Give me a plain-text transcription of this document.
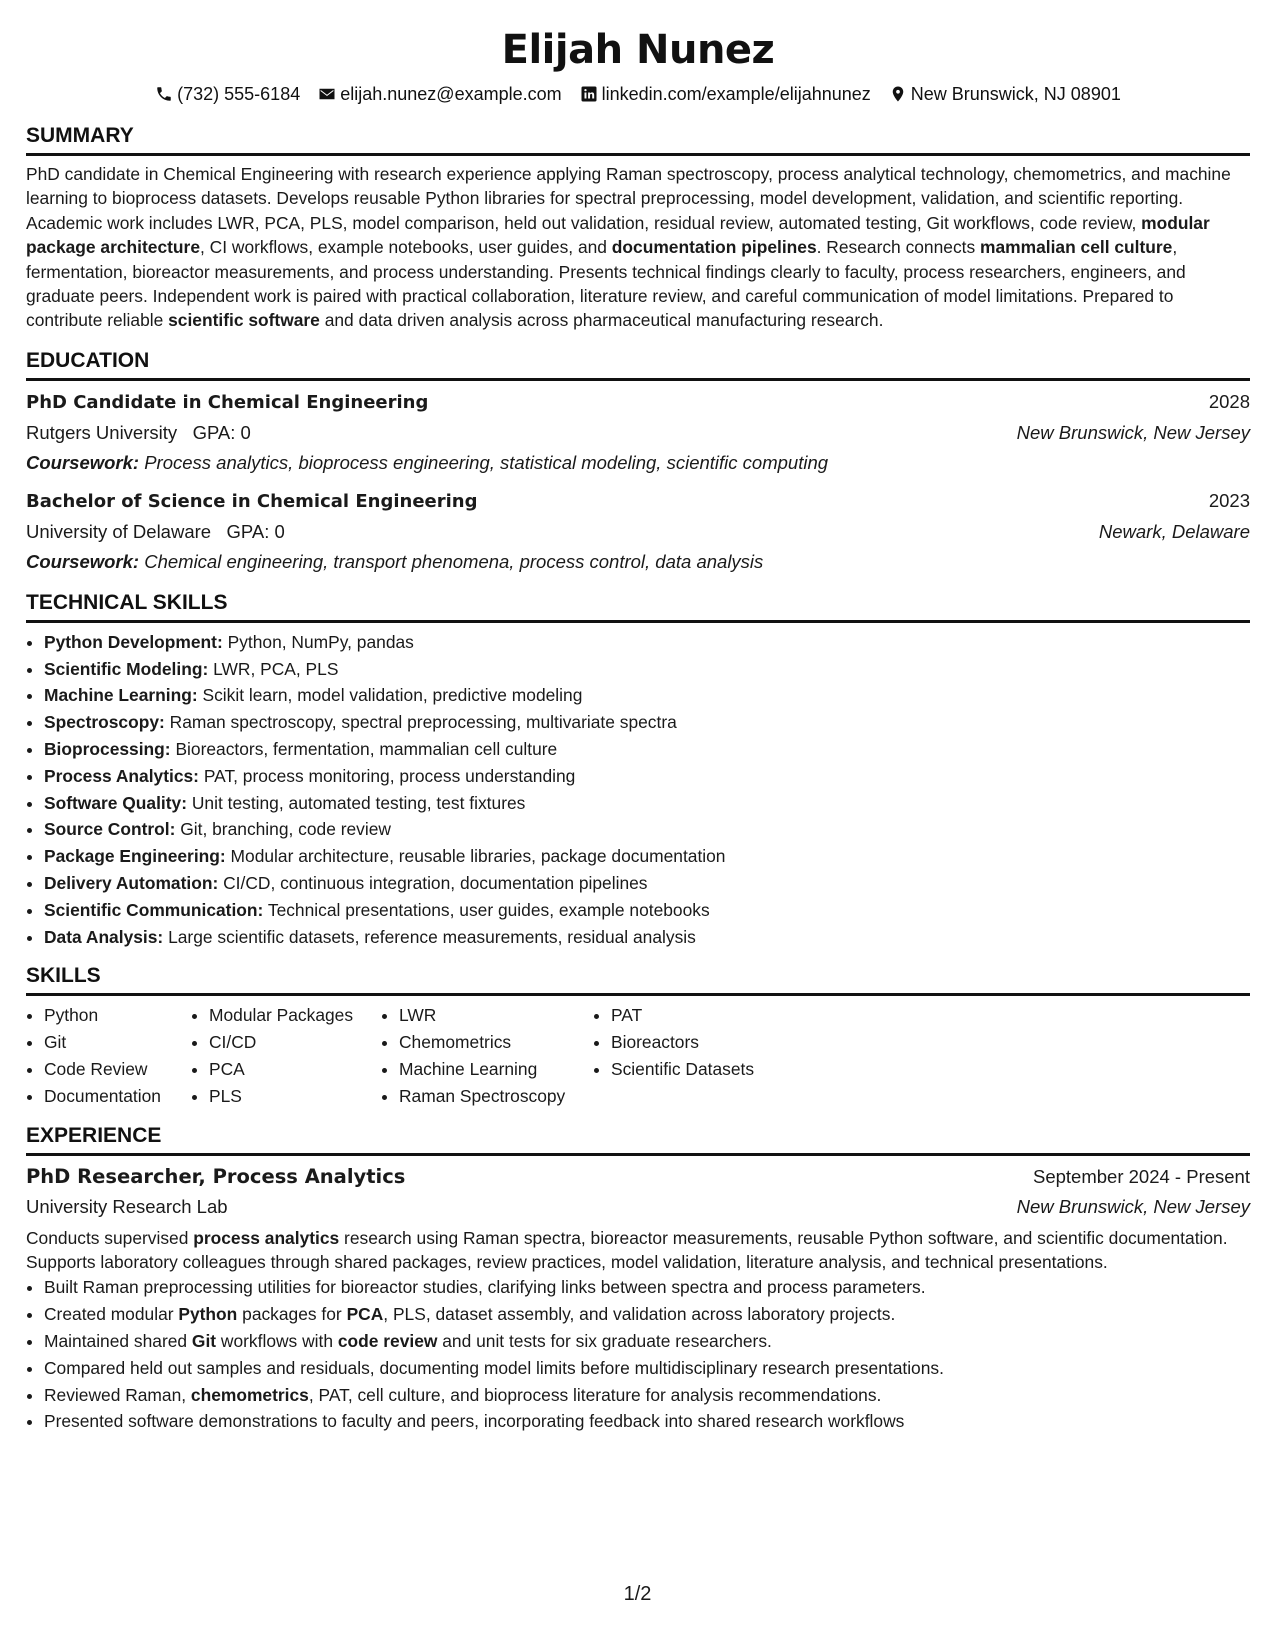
Elijah Nunez
(732) 555-6184 elijah.nunez@example.com linkedin.com/example/elijahnunez New Brunswick, NJ 08901
SUMMARY
PhD candidate in Chemical Engineering with research experience applying Raman spectroscopy, process analytical technology, chemometrics, and machine learning to bioprocess datasets. Develops reusable Python libraries for spectral preprocessing, model development, validation, and scientific reporting. Academic work includes LWR, PCA, PLS, model comparison, held out validation, residual review, automated testing, Git workflows, code review, modular package architecture, CI workflows, example notebooks, user guides, and documentation pipelines. Research connects mammalian cell culture, fermentation, bioreactor measurements, and process understanding. Presents technical findings clearly to faculty, process researchers, engineers, and graduate peers. Independent work is paired with practical collaboration, literature review, and careful communication of model limitations. Prepared to contribute reliable scientific software and data driven analysis across pharmaceutical manufacturing research.
EDUCATION
PhD Candidate in Chemical Engineering	2028
Rutgers University GPA: 0	New Brunswick, New Jersey
Coursework: Process analytics, bioprocess engineering, statistical modeling, scientific computing
Bachelor of Science in Chemical Engineering	2023
University of Delaware GPA: 0	Newark, Delaware
Coursework: Chemical engineering, transport phenomena, process control, data analysis
TECHNICAL SKILLS
• Python Development: Python, NumPy, pandas
• Scientific Modeling: LWR, PCA, PLS
• Machine Learning: Scikit learn, model validation, predictive modeling
• Spectroscopy: Raman spectroscopy, spectral preprocessing, multivariate spectra
• Bioprocessing: Bioreactors, fermentation, mammalian cell culture
• Process Analytics: PAT, process monitoring, process understanding
• Software Quality: Unit testing, automated testing, test fixtures
• Source Control: Git, branching, code review
• Package Engineering: Modular architecture, reusable libraries, package documentation
• Delivery Automation: CI/CD, continuous integration, documentation pipelines
• Scientific Communication: Technical presentations, user guides, example notebooks
• Data Analysis: Large scientific datasets, reference measurements, residual analysis
SKILLS
• Python
• Git
• Code Review
• Documentation
• Modular Packages
• CI/CD
• PCA
• PLS
• LWR
• Chemometrics
• Machine Learning
• Raman Spectroscopy
• PAT
• Bioreactors
• Scientific Datasets
EXPERIENCE
PhD Researcher, Process Analytics	September 2024 - Present
University Research Lab	New Brunswick, New Jersey
Conducts supervised process analytics research using Raman spectra, bioreactor measurements, reusable Python software, and scientific documentation. Supports laboratory colleagues through shared packages, review practices, model validation, literature analysis, and technical presentations.
• Built Raman preprocessing utilities for bioreactor studies, clarifying links between spectra and process parameters.
• Created modular Python packages for PCA, PLS, dataset assembly, and validation across laboratory projects.
• Maintained shared Git workflows with code review and unit tests for six graduate researchers.
• Compared held out samples and residuals, documenting model limits before multidisciplinary research presentations.
• Reviewed Raman, chemometrics, PAT, cell culture, and bioprocess literature for analysis recommendations.
• Presented software demonstrations to faculty and peers, incorporating feedback into shared research workflows
1/2
